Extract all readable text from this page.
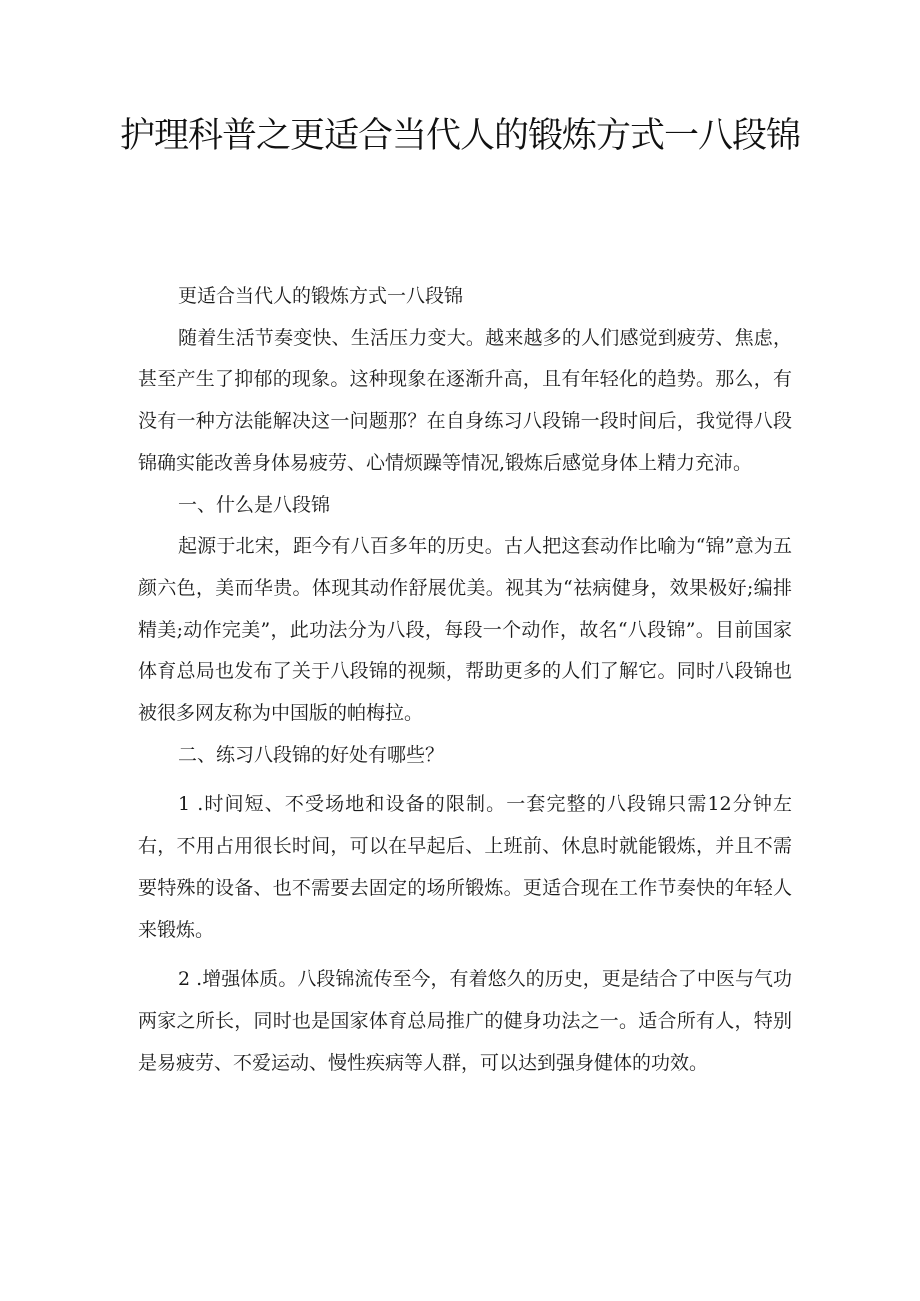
护理科普之更适合当代人的锻炼方式一八段锦

更适合当代人的锻炼方式一八段锦

随着生活节奏变快、生活压力变大。越来越多的人们感觉到疲劳、焦虑，甚至产生了抑郁的现象。这种现象在逐渐升高，且有年轻化的趋势。那么，有没有一种方法能解决这一问题那？在自身练习八段锦一段时间后，我觉得八段锦确实能改善身体易疲劳、心情烦躁等情况,锻炼后感觉身体上精力充沛。

一、什么是八段锦

起源于北宋，距今有八百多年的历史。古人把这套动作比喻为“锦”意为五颜六色，美而华贵。体现其动作舒展优美。视其为“祛病健身，效果极好;编排精美;动作完美”，此功法分为八段，每段一个动作，故名“八段锦”。目前国家体育总局也发布了关于八段锦的视频，帮助更多的人们了解它。同时八段锦也被很多网友称为中国版的帕梅拉。

二、练习八段锦的好处有哪些？

1 .时间短、不受场地和设备的限制。一套完整的八段锦只需12分钟左右，不用占用很长时间，可以在早起后、上班前、休息时就能锻炼，并且不需要特殊的设备、也不需要去固定的场所锻炼。更适合现在工作节奏快的年轻人来锻炼。

2 .增强体质。八段锦流传至今，有着悠久的历史，更是结合了中医与气功两家之所长，同时也是国家体育总局推广的健身功法之一。适合所有人，特别是易疲劳、不爱运动、慢性疾病等人群，可以达到强身健体的功效。
